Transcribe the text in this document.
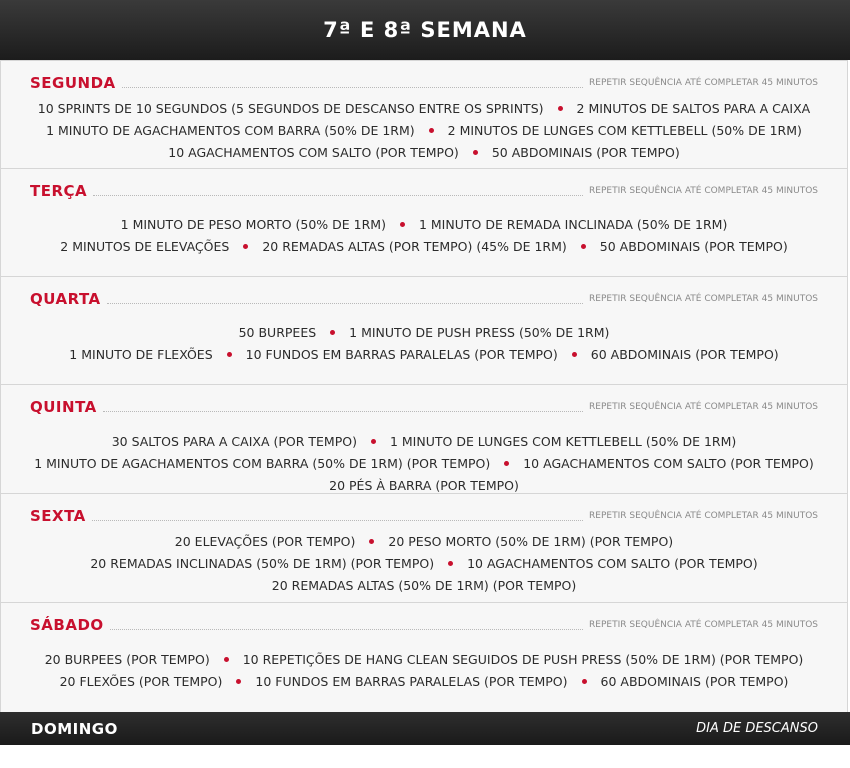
7ª E 8ª SEMANA
SEGUNDA	REPETIR SEQUÊNCIA ATÉ COMPLETAR 45 MINUTOS
10 SPRINTS DE 10 SEGUNDOS (5 SEGUNDOS DE DESCANSO ENTRE OS SPRINTS)	2 MINUTOS DE SALTOS PARA A CAIXA
1 MINUTO DE AGACHAMENTOS COM BARRA (50% DE 1RM)	2 MINUTOS DE LUNGES COM KETTLEBELL (50% DE 1RM)
10 AGACHAMENTOS COM SALTO (POR TEMPO)	50 ABDOMINAIS (POR TEMPO)
TERÇA	REPETIR SEQUÊNCIA ATÉ COMPLETAR 45 MINUTOS
1 MINUTO DE PESO MORTO (50% DE 1RM)	1 MINUTO DE REMADA INCLINADA (50% DE 1RM)
2 MINUTOS DE ELEVAÇÕES	20 REMADAS ALTAS (POR TEMPO) (45% DE 1RM)	50 ABDOMINAIS (POR TEMPO)
QUARTA	REPETIR SEQUÊNCIA ATÉ COMPLETAR 45 MINUTOS
50 BURPEES	1 MINUTO DE PUSH PRESS (50% DE 1RM)
1 MINUTO DE FLEXÕES	10 FUNDOS EM BARRAS PARALELAS (POR TEMPO)	60 ABDOMINAIS (POR TEMPO)
QUINTA	REPETIR SEQUÊNCIA ATÉ COMPLETAR 45 MINUTOS
30 SALTOS PARA A CAIXA (POR TEMPO)	1 MINUTO DE LUNGES COM KETTLEBELL (50% DE 1RM)
1 MINUTO DE AGACHAMENTOS COM BARRA (50% DE 1RM) (POR TEMPO)	10 AGACHAMENTOS COM SALTO (POR TEMPO)
20 PÉS À BARRA (POR TEMPO)
SEXTA	REPETIR SEQUÊNCIA ATÉ COMPLETAR 45 MINUTOS
20 ELEVAÇÕES (POR TEMPO)	20 PESO MORTO (50% DE 1RM) (POR TEMPO)
20 REMADAS INCLINADAS (50% DE 1RM) (POR TEMPO)	10 AGACHAMENTOS COM SALTO (POR TEMPO)
20 REMADAS ALTAS (50% DE 1RM) (POR TEMPO)
SÁBADO	REPETIR SEQUÊNCIA ATÉ COMPLETAR 45 MINUTOS
20 BURPEES (POR TEMPO)	10 REPETIÇÕES DE HANG CLEAN SEGUIDOS DE PUSH PRESS (50% DE 1RM) (POR TEMPO)
20 FLEXÕES (POR TEMPO)	10 FUNDOS EM BARRAS PARALELAS (POR TEMPO)	60 ABDOMINAIS (POR TEMPO)
DOMINGO	DIA DE DESCANSO
